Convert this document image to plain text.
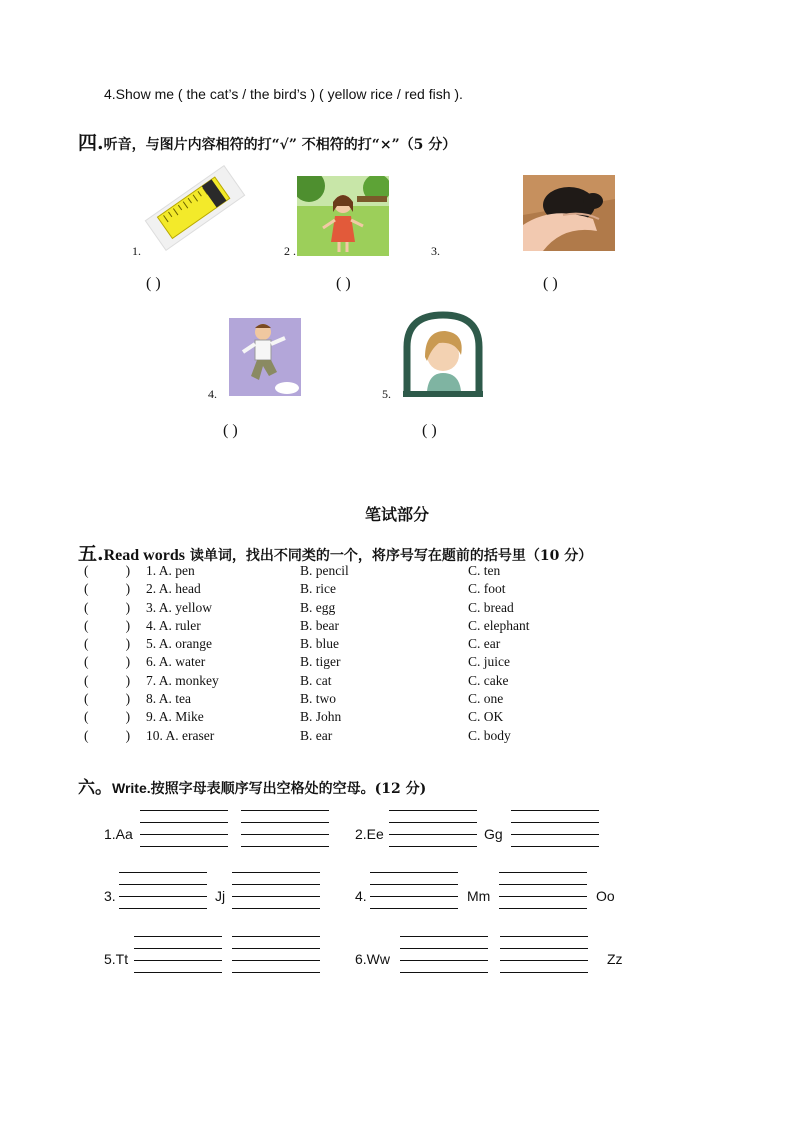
4.Show me ( the cat’s / the bird’s ) ( yellow rice / red fish ).
四.听音，与图片内容相符的打“√” 不相符的打“×”（5 分）
1.	2 .	3.
( )	( )	( )
4.	5.
( )	( )
笔试部分
五.Read words 读单词，找出不同类的一个，将序号写在题前的括号里（10 分）
(           ) 1. A. pen	B. pencil	C. ten
(           ) 2. A. head	B. rice	C. foot
(           ) 3. A. yellow	B. egg	C. bread
(           ) 4. A. ruler	B. bear	C. elephant
(           ) 5. A. orange	B. blue	C. ear
(           ) 6. A. water	B. tiger	C. juice
(           ) 7. A. monkey	B. cat	C. cake
(           ) 8. A. tea	B. two	C. one
(           ) 9. A. Mike	B. John	C. OK
(           ) 10. A. eraser	B. ear	C. body
六。Write.按照字母表顺序写出空格处的空母。(12 分)
1.Aa	2.Ee	Gg
3.	Jj	4.	Mm	Oo
5.Tt	6.Ww	Zz
